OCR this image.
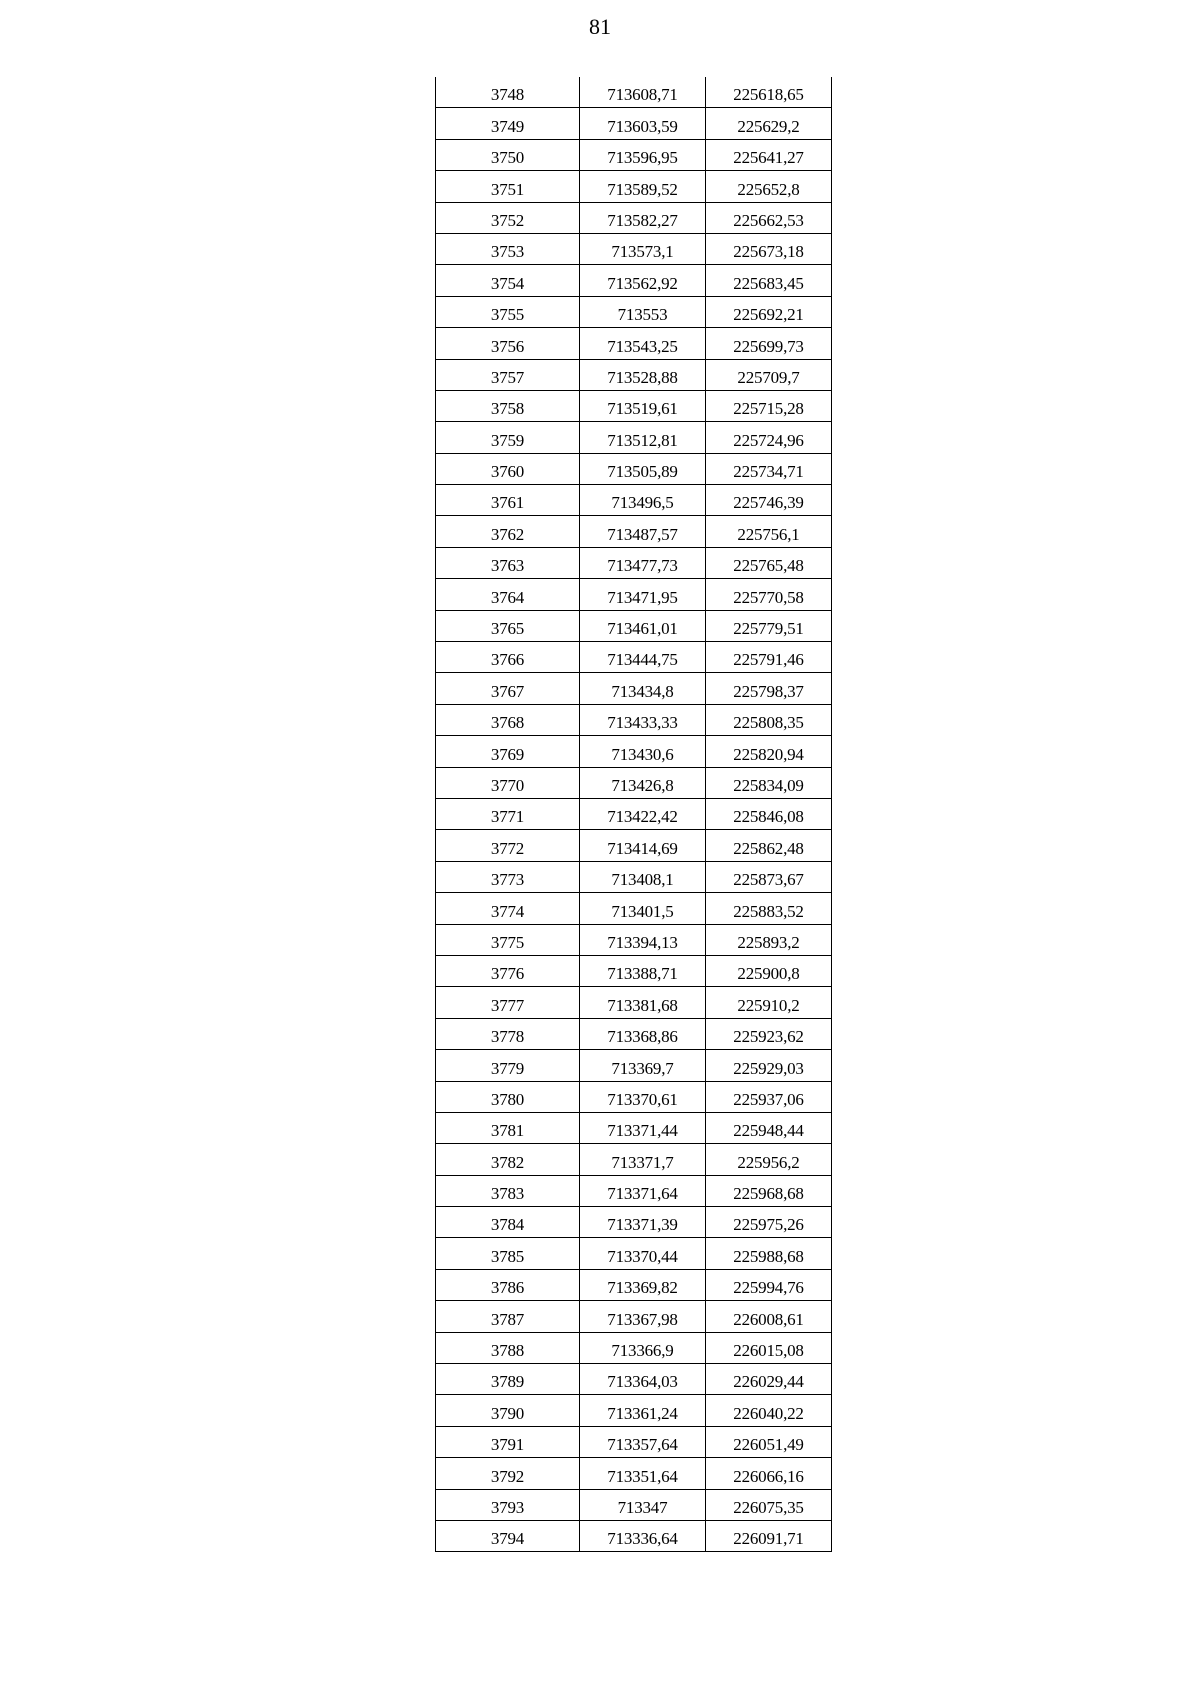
81
3748	713608,71	225618,65
3749	713603,59	225629,2
3750	713596,95	225641,27
3751	713589,52	225652,8
3752	713582,27	225662,53
3753	713573,1	225673,18
3754	713562,92	225683,45
3755	713553	225692,21
3756	713543,25	225699,73
3757	713528,88	225709,7
3758	713519,61	225715,28
3759	713512,81	225724,96
3760	713505,89	225734,71
3761	713496,5	225746,39
3762	713487,57	225756,1
3763	713477,73	225765,48
3764	713471,95	225770,58
3765	713461,01	225779,51
3766	713444,75	225791,46
3767	713434,8	225798,37
3768	713433,33	225808,35
3769	713430,6	225820,94
3770	713426,8	225834,09
3771	713422,42	225846,08
3772	713414,69	225862,48
3773	713408,1	225873,67
3774	713401,5	225883,52
3775	713394,13	225893,2
3776	713388,71	225900,8
3777	713381,68	225910,2
3778	713368,86	225923,62
3779	713369,7	225929,03
3780	713370,61	225937,06
3781	713371,44	225948,44
3782	713371,7	225956,2
3783	713371,64	225968,68
3784	713371,39	225975,26
3785	713370,44	225988,68
3786	713369,82	225994,76
3787	713367,98	226008,61
3788	713366,9	226015,08
3789	713364,03	226029,44
3790	713361,24	226040,22
3791	713357,64	226051,49
3792	713351,64	226066,16
3793	713347	226075,35
3794	713336,64	226091,71
